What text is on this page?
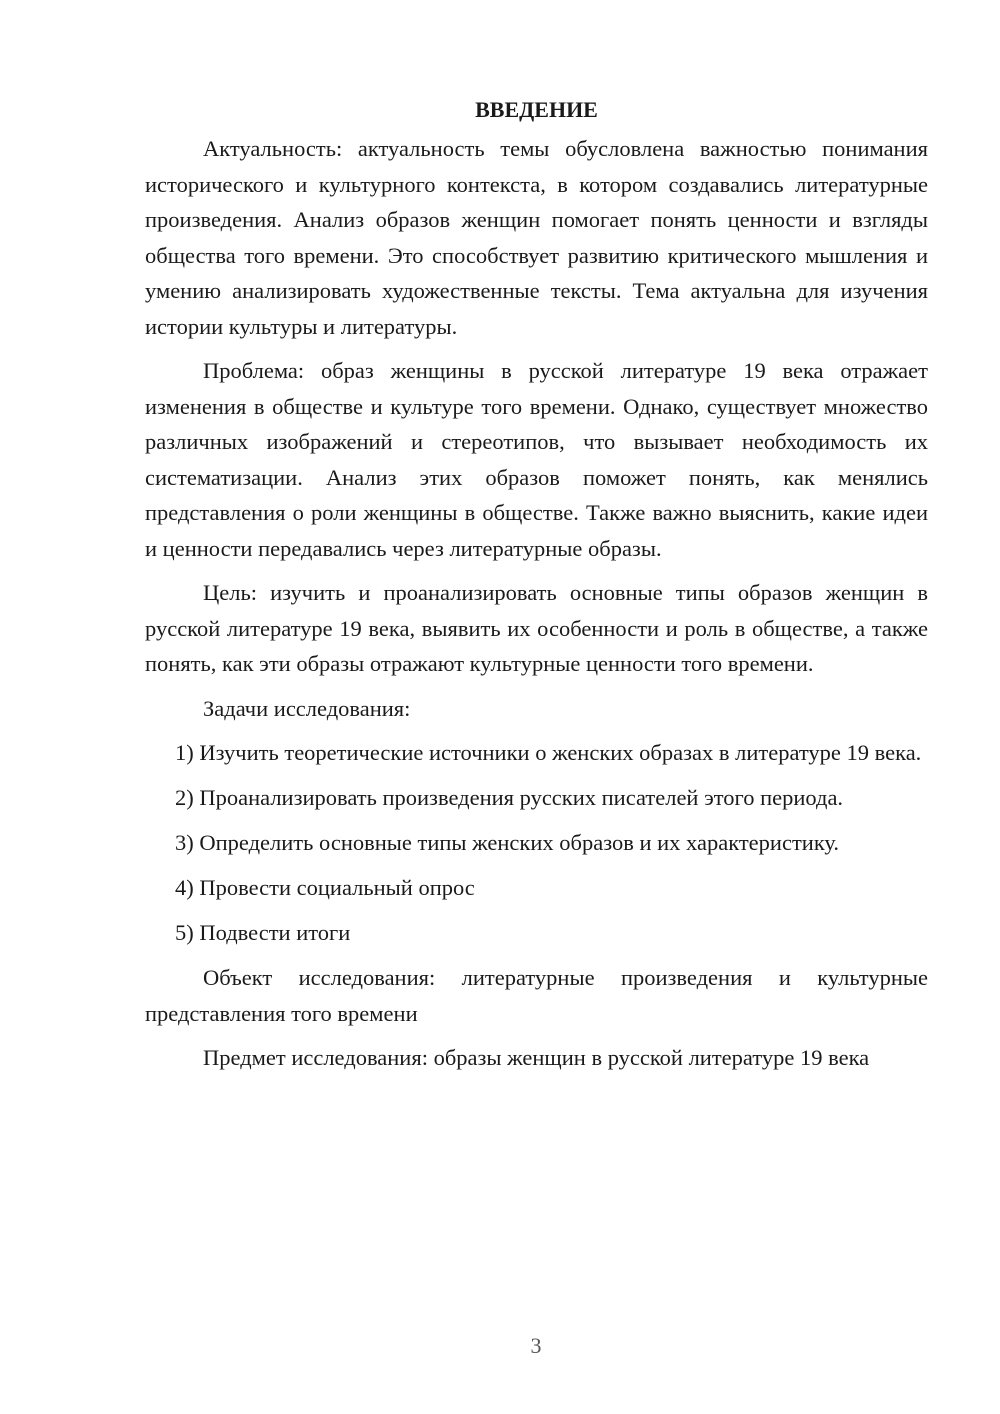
ВВЕДЕНИЕ

Актуальность: актуальность темы обусловлена важностью понимания исторического и культурного контекста, в котором создавались литературные произведения. Анализ образов женщин помогает понять ценности и взгляды общества того времени. Это способствует развитию критического мышления и умению анализировать художественные тексты. Тема актуальна для изучения истории культуры и литературы.

Проблема: образ женщины в русской литературе 19 века отражает изменения в обществе и культуре того времени. Однако, существует множество различных изображений и стереотипов, что вызывает необходимость их систематизации. Анализ этих образов поможет понять, как менялись представления о роли женщины в обществе. Также важно выяснить, какие идеи и ценности передавались через литературные образы.

Цель: изучить и проанализировать основные типы образов женщин в русской литературе 19 века, выявить их особенности и роль в обществе, а также понять, как эти образы отражают культурные ценности того времени.

Задачи исследования:

1) Изучить теоретические источники о женских образах в литературе 19 века.

2) Проанализировать произведения русских писателей этого периода.

3) Определить основные типы женских образов и их характеристику.

4) Провести социальный опрос

5) Подвести итоги

Объект исследования: литературные произведения и культурные представления того времени

Предмет исследования: образы женщин в русской литературе 19 века

3
